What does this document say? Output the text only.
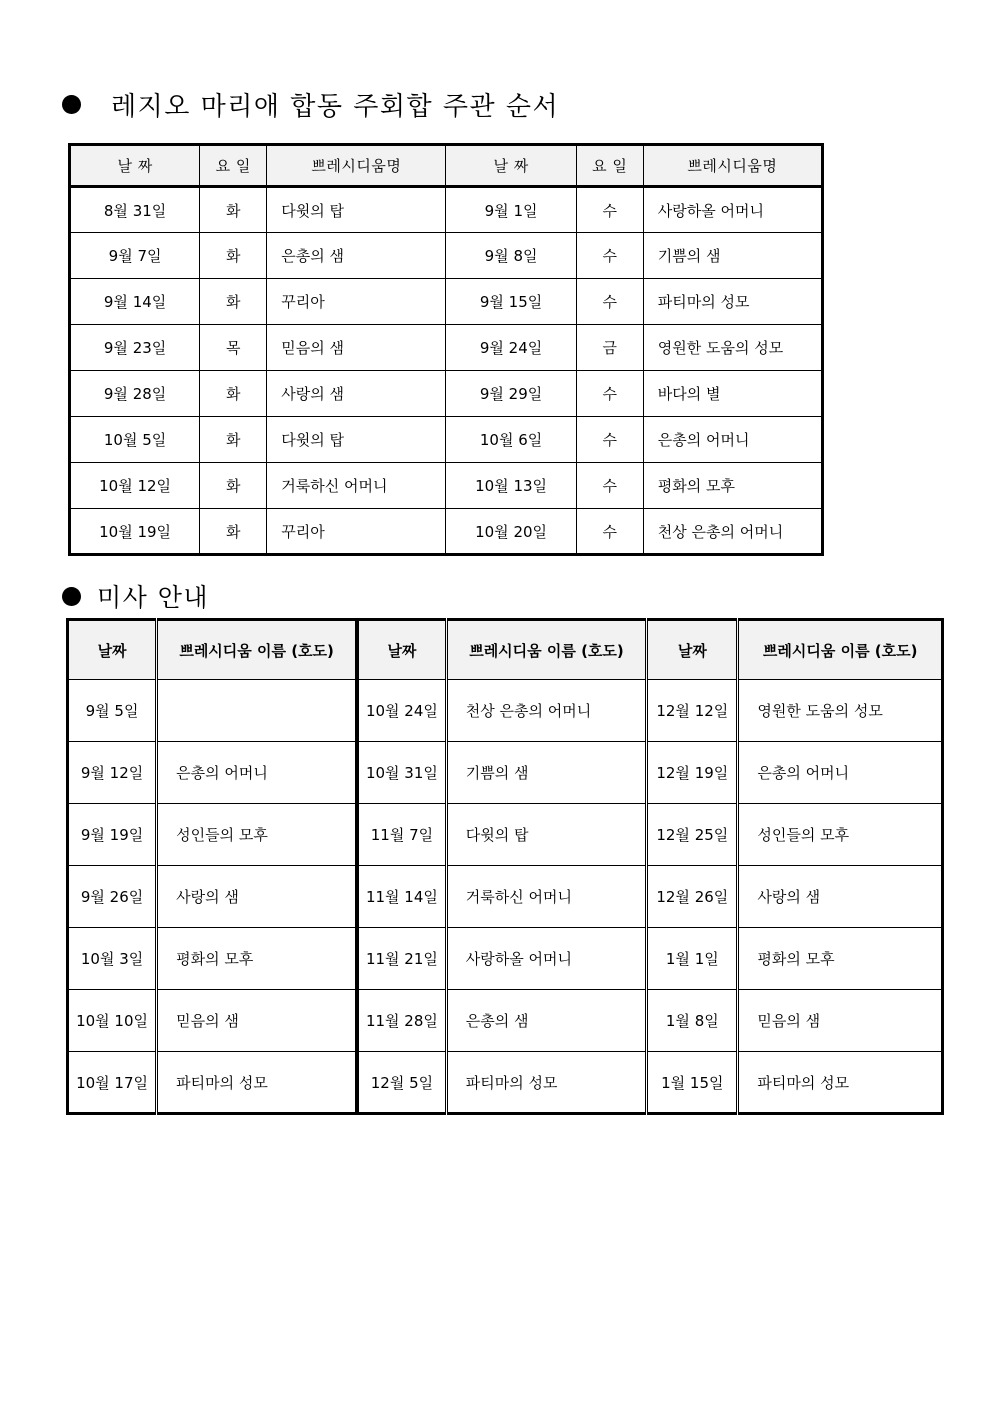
레지오 마리애 합동 주회합 주관 순서
날 짜	요 일	쁘레시디움명	날 짜	요 일	쁘레시디움명
8월 31일	화	다윗의 탑	9월 1일	수	사랑하올 어머니
9월 7일	화	은총의 샘	9월 8일	수	기쁨의 샘
9월 14일	화	꾸리아	9월 15일	수	파티마의 성모
9월 23일	목	믿음의 샘	9월 24일	금	영원한 도움의 성모
9월 28일	화	사랑의 샘	9월 29일	수	바다의 별
10월 5일	화	다윗의 탑	10월 6일	수	은총의 어머니
10월 12일	화	거룩하신 어머니	10월 13일	수	평화의 모후
10월 19일	화	꾸리아	10월 20일	수	천상 은총의 어머니
미사 안내
날짜	쁘레시디움 이름 (호도)	날짜	쁘레시디움 이름 (호도)	날짜	쁘레시디움 이름 (호도)
9월 5일		10월 24일	천상 은총의 어머니	12월 12일	영원한 도움의 성모
9월 12일	은총의 어머니	10월 31일	기쁨의 샘	12월 19일	은총의 어머니
9월 19일	성인들의 모후	11월 7일	다윗의 탑	12월 25일	성인들의 모후
9월 26일	사랑의 샘	11월 14일	거룩하신 어머니	12월 26일	사랑의 샘
10월 3일	평화의 모후	11월 21일	사랑하올 어머니	1월 1일	평화의 모후
10월 10일	믿음의 샘	11월 28일	은총의 샘	1월 8일	믿음의 샘
10월 17일	파티마의 성모	12월 5일	파티마의 성모	1월 15일	파티마의 성모
